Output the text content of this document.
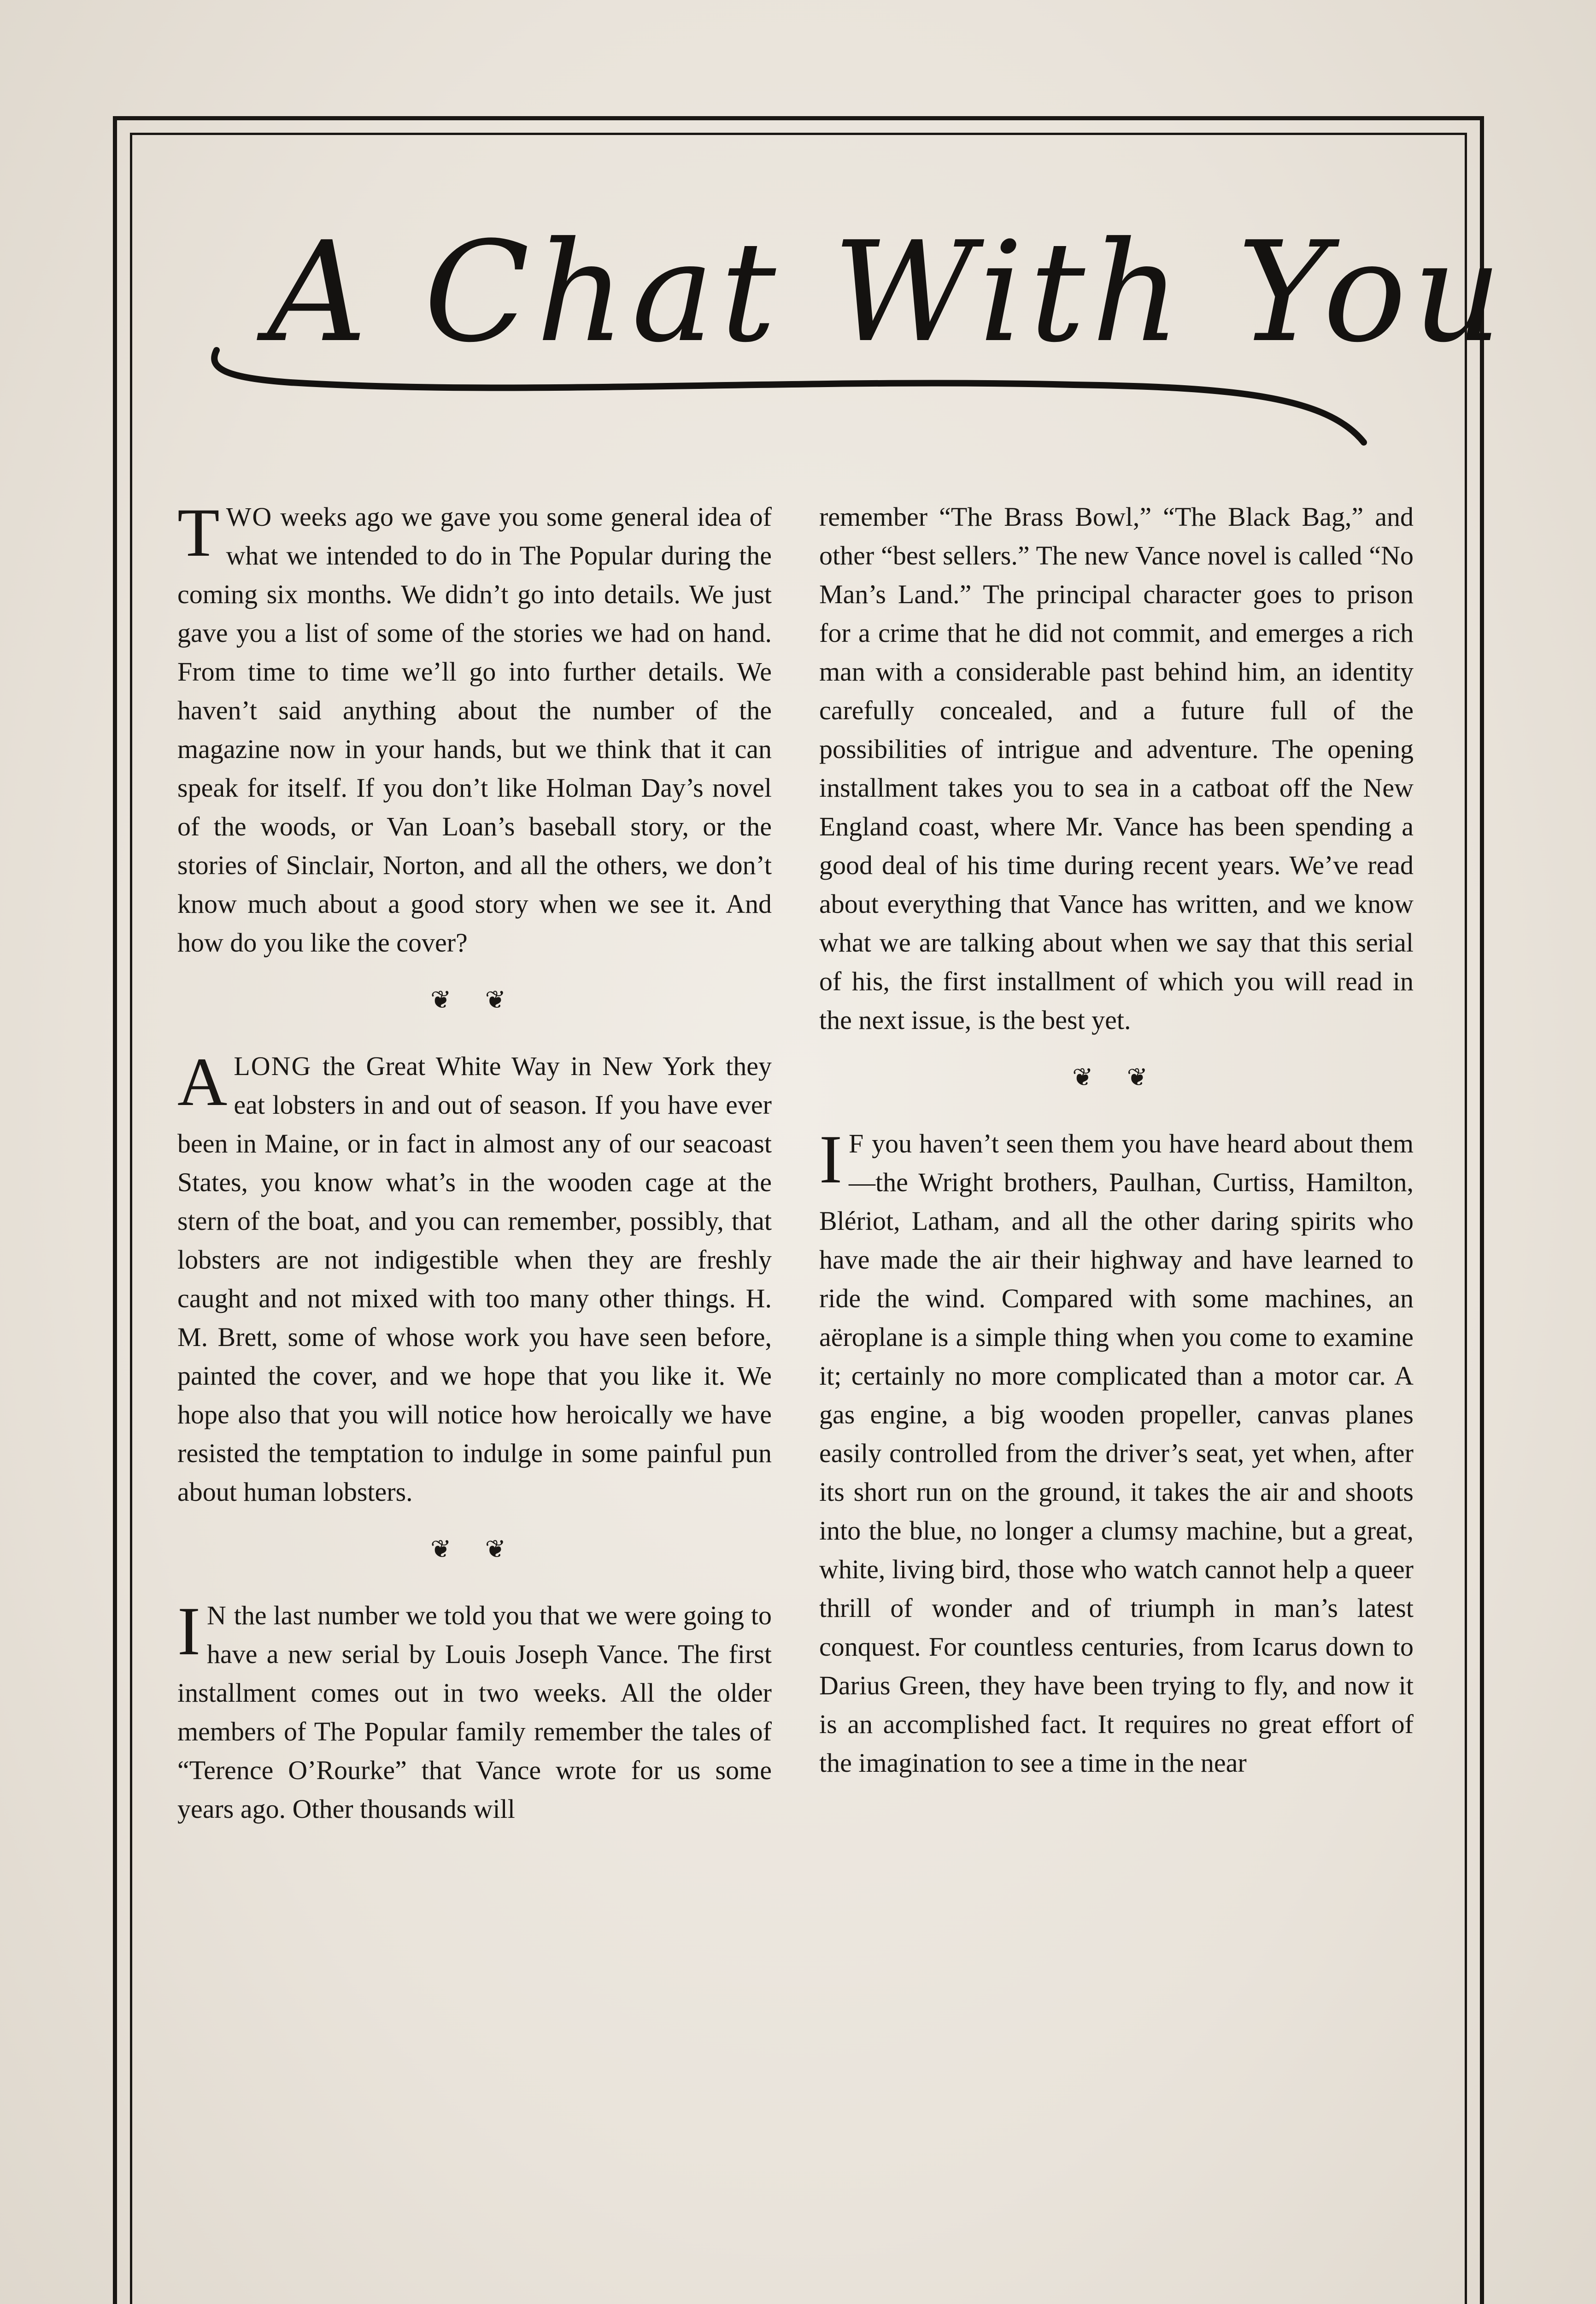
A Chat With You

TWO weeks ago we gave you some general idea of what we intended to do in The Popular during the coming six months. We didn’t go into details. We just gave you a list of some of the stories we had on hand. From time to time we’ll go into further details. We haven’t said anything about the number of the magazine now in your hands, but we think that it can speak for itself. If you don’t like Holman Day’s novel of the woods, or Van Loan’s baseball story, or the stories of Sinclair, Norton, and all the others, we don’t know much about a good story when we see it. And how do you like the cover?

❦ ❦

ALONG the Great White Way in New York they eat lobsters in and out of season. If you have ever been in Maine, or in fact in almost any of our seacoast States, you know what’s in the wooden cage at the stern of the boat, and you can remember, possibly, that lobsters are not indigestible when they are freshly caught and not mixed with too many other things. H. M. Brett, some of whose work you have seen before, painted the cover, and we hope that you like it. We hope also that you will notice how heroically we have resisted the temptation to indulge in some painful pun about human lobsters.

❦ ❦

I N the last number we told you that we were going to have a new serial by Louis Joseph Vance. The first installment comes out in two weeks. All the older members of The Popular family remember the tales of “Terence O’Rourke” that Vance wrote for us some years ago. Other thousands will

remember “The Brass Bowl,” “The Black Bag,” and other “best sellers.” The new Vance novel is called “No Man’s Land.” The principal character goes to prison for a crime that he did not commit, and emerges a rich man with a considerable past behind him, an identity carefully concealed, and a future full of the possibilities of intrigue and adventure. The opening installment takes you to sea in a catboat off the New England coast, where Mr. Vance has been spending a good deal of his time during recent years. We’ve read about everything that Vance has written, and we know what we are talking about when we say that this serial of his, the first installment of which you will read in the next issue, is the best yet.

❦ ❦

I F you haven’t seen them you have heard about them—the Wright brothers, Paulhan, Curtiss, Hamilton, Blériot, Latham, and all the other daring spirits who have made the air their highway and have learned to ride the wind. Compared with some machines, an aëroplane is a simple thing when you come to examine it; certainly no more complicated than a motor car. A gas engine, a big wooden propeller, canvas planes easily controlled from the driver’s seat, yet when, after its short run on the ground, it takes the air and shoots into the blue, no longer a clumsy machine, but a great, white, living bird, those who watch cannot help a queer thrill of wonder and of triumph in man’s latest conquest. For countless centuries, from Icarus down to Darius Green, they have been trying to fly, and now it is an accomplished fact. It requires no great effort of the imagination to see a time in the near
